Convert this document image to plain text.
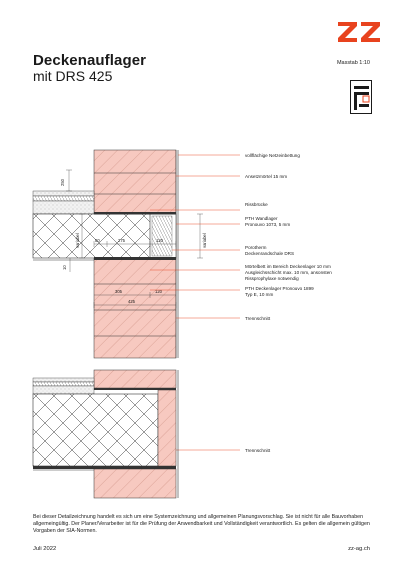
Deckenauflager
mit DRS 425
Masstab 1:10
250
variabel	80
10
275	120	variabel
305	120
425
vollflächige Netzeinbettung
Ansetzmörtel 15 mm
Rissbrücke
PTH Wandlager
Pronouvo 1073, 5 mm
Porotherm
Deckenrandschale DRS
Mörtelbett im Bereich Deckenlager 10 mm
Ausgleichsschicht max. 10 mm, ansonsten
Rissprophylaxe notwendig
PTH Deckenlager Pronouvo 1899
Typ E, 10 mm
Trennschnitt
Trennschnitt
Bei dieser Detailzeichnung handelt es sich um eine Systemzeichnung und allgemeinen Planungsvorschlag. Sie ist nicht für alle Bauvorhaben allgemeingültig. Der Planer/Verarbeiter ist für die Prüfung der Anwendbarkeit und Vollständigkeit verantwortlich. Es gelten die allgemein gültigen Vorgaben der SIA-Normen.
Juli 2022	zz-ag.ch
